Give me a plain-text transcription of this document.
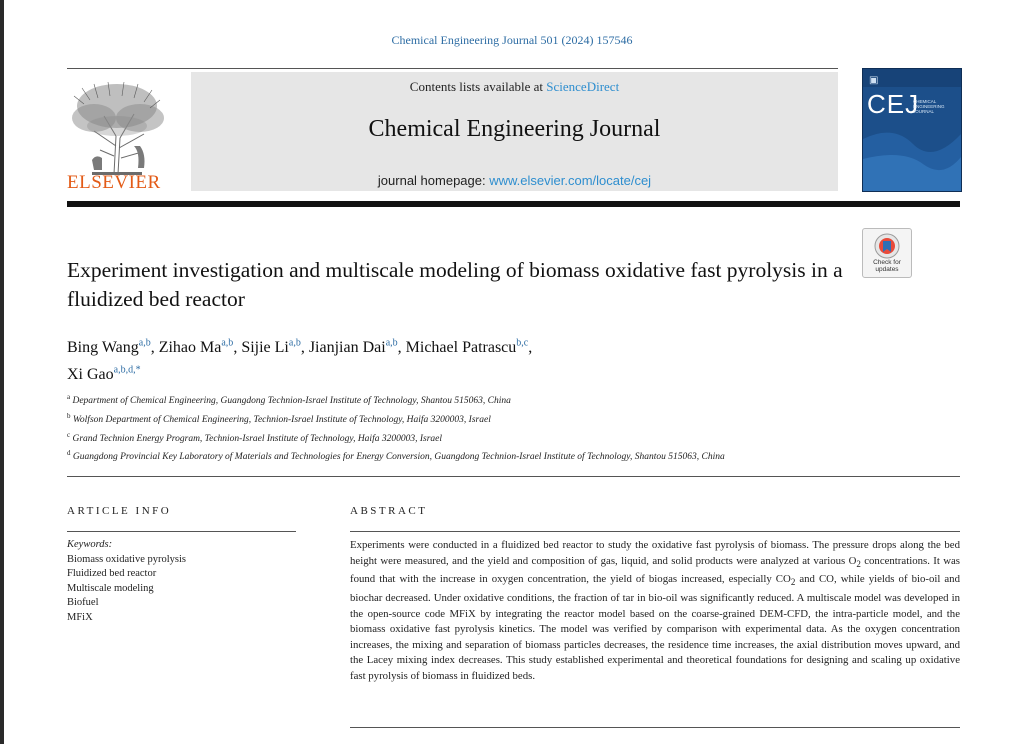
Chemical Engineering Journal 501 (2024) 157546
ELSEVIER
Contents lists available at ScienceDirect
Chemical Engineering Journal
journal homepage: www.elsevier.com/locate/cej
▣
CEJ
CHEMICAL ENGINEERING JOURNAL
Check for updates
Experiment investigation and multiscale modeling of biomass oxidative fast pyrolysis in a fluidized bed reactor
Bing Wang$^{a,b}$, Zihao Ma$^{a,b}$, Sijie Li$^{a,b}$, Jianjian Dai$^{a,b}$, Michael Patrascu$^{b,c}$,
Xi Gao$^{a,b,d,*}$

$^a$ Department of Chemical Engineering, Guangdong Technion-Israel Institute of Technology, Shantou 515063, China

$^b$ Wolfson Department of Chemical Engineering, Technion-Israel Institute of Technology, Haifa 3200003, Israel

$^c$ Grand Technion Energy Program, Technion-Israel Institute of Technology, Haifa 3200003, Israel

$^d$ Guangdong Provincial Key Laboratory of Materials and Technologies for Energy Conversion, Guangdong Technion-Israel Institute of Technology, Shantou 515063, China

ARTICLE INFO
Keywords:
Biomass oxidative pyrolysis
Fluidized bed reactor
Multiscale modeling
Biofuel
MFiX
ABSTRACT
Experiments were conducted in a fluidized bed reactor to study the oxidative fast pyrolysis of biomass. The pressure drops along the bed height were measured, and the yield and composition of gas, liquid, and solid products were analyzed at various $O_2$ concentrations. It was found that with the increase in oxygen concentration, the yield of biogas increased, especially $CO_2$ and CO, while yields of bio-oil and biochar decreased. Under oxidative conditions, the fraction of tar in bio-oil was significantly reduced. A multiscale model was developed in the open-source code MFiX by integrating the reactor model based on the coarse-grained DEM-CFD, the intra-particle model, and the biomass oxidative fast pyrolysis kinetics. The model was verified by comparison with experimental data. As the oxygen concentration increases, the mixing and separation of biomass particles decreases, the residence time increases, the axial distribution moves upward, and the Lacey mixing index decreases. This study established experimental and theoretical foundations for designing and scaling up oxidative fast pyrolysis of biomass in fluidized beds.
